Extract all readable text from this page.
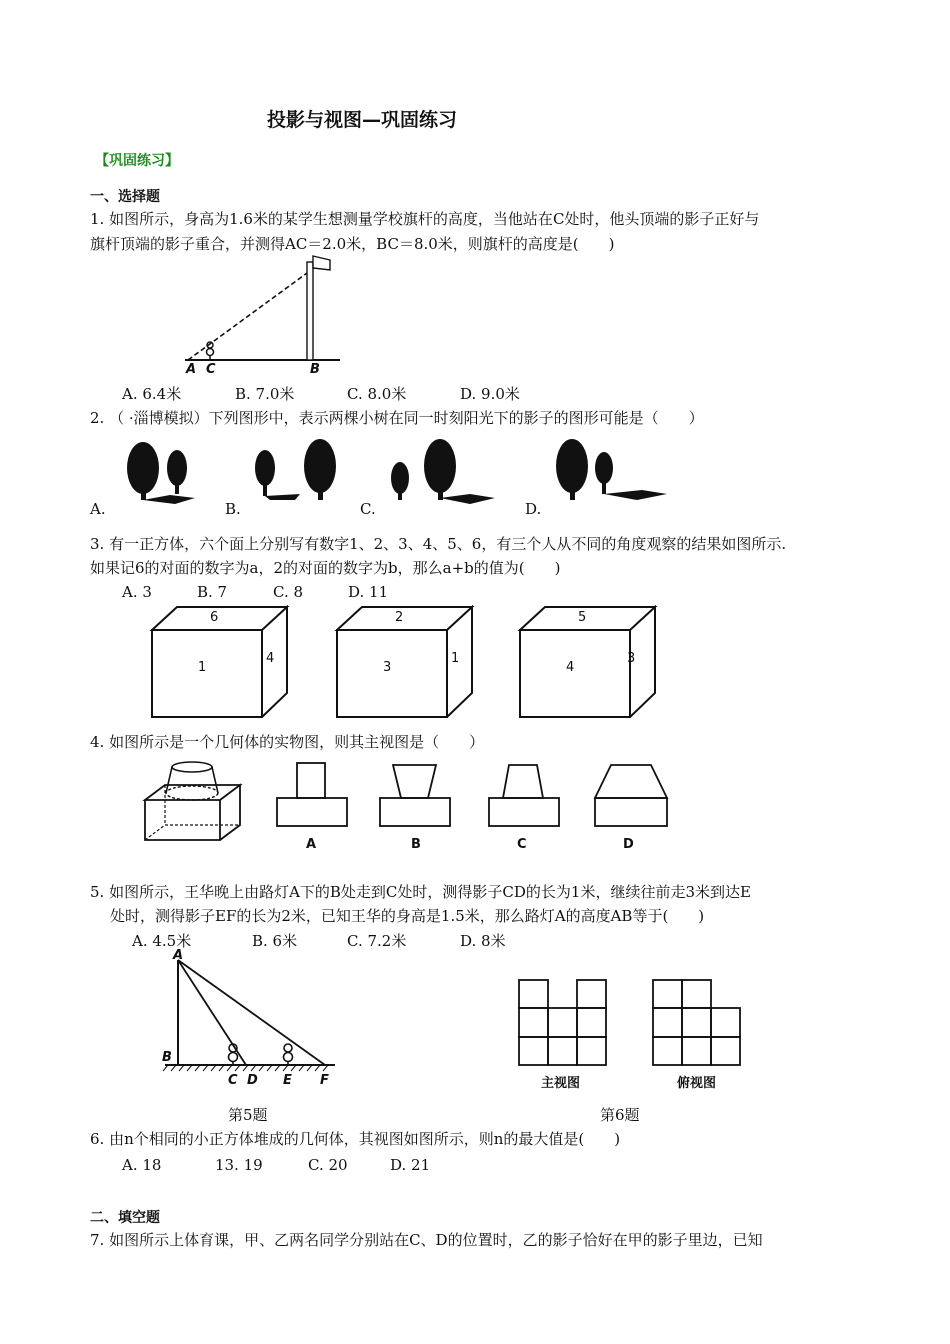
投影与视图—巩固练习
【巩固练习】
一、选择题
1. 如图所示，身高为1.6米的某学生想测量学校旗杆的高度，当他站在C处时，他头顶端的影子正好与
旗杆顶端的影子重合，并测得AC＝2.0米，BC＝8.0米，则旗杆的高度是(　　)
A C	B
A. 6.4米	B. 7.0米	C. 8.0米	D. 9.0米
2. （ ·淄博模拟）下列图形中，表示两棵小树在同一时刻阳光下的影子的图形可能是（　　）
A.	B.	C.	D.
3. 有一正方体，六个面上分别写有数字1、2、3、4、5、6，有三个人从不同的角度观察的结果如图所示.
如果记6的对面的数字为a，2的对面的数字为b，那么a+b的值为(　　)
A. 3	B. 7	C. 8	D. 11
6
1
4
2
3
1
5
4
3
4. 如图所示是一个几何体的实物图，则其主视图是（　　）
A	B	C	D
5. 如图所示，王华晚上由路灯A下的B处走到C处时，测得影子CD的长为1米，继续往前走3米到达E
处时，测得影子EF的长为2米，已知王华的身高是1.5米，那么路灯A的高度AB等于(　　)
A. 4.5米	B. 6米	C. 7.2米	D. 8米
A
B
C D E F
第5题
主视图	俯视图
第6题
6. 由n个相同的小正方体堆成的几何体，其视图如图所示，则n的最大值是(　　)
A. 18	13. 19	C. 20	D. 21
二、填空题
7. 如图所示上体育课，甲、乙两名同学分别站在C、D的位置时，乙的影子恰好在甲的影子里边，已知
